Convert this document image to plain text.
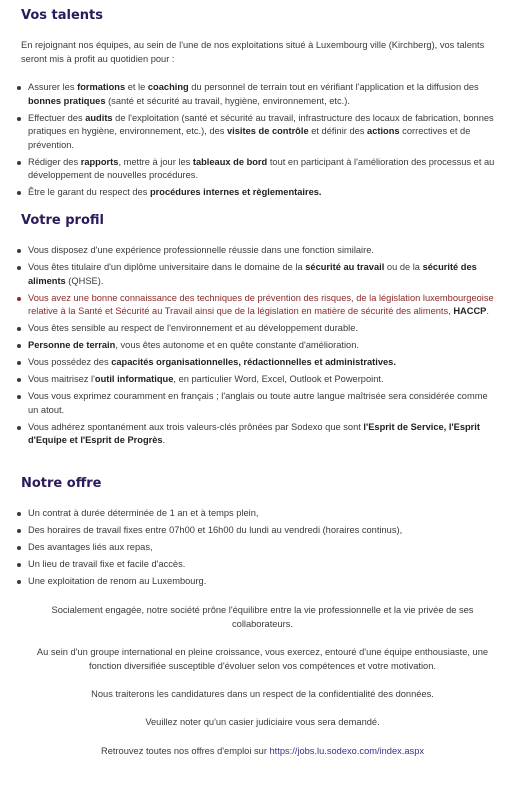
Vos talents

En rejoignant nos équipes, au sein de l'une de nos exploitations situé à Luxembourg ville (Kirchberg), vos talents seront mis à profit au quotidien pour :

Assurer les formations et le coaching du personnel de terrain tout en vérifiant l'application et la diffusion des bonnes pratiques (santé et sécurité au travail, hygiène, environnement, etc.).
Effectuer des audits de l'exploitation (santé et sécurité au travail, infrastructure des locaux de fabrication, bonnes pratiques en hygiène, environnement, etc.), des visites de contrôle et définir des actions correctives et de prévention.
Rédiger des rapports, mettre à jour les tableaux de bord tout en participant à l'amélioration des processus et au développement de nouvelles procédures.
Être le garant du respect des procédures internes et règlementaires.
Votre profil
Vous disposez d'une expérience professionnelle réussie dans une fonction similaire.
Vous êtes titulaire d'un diplôme universitaire dans le domaine de la sécurité au travail ou de la sécurité des aliments (QHSE).
Vous avez une bonne connaissance des techniques de prévention des risques, de la législation luxembourgeoise relative à la Santé et Sécurité au Travail ainsi que de la législation en matière de sécurité des aliments, HACCP.
Vous êtes sensible au respect de l'environnement et au développement durable.
Personne de terrain, vous êtes autonome et en quête constante d'amélioration.
Vous possédez des capacités organisationnelles, rédactionnelles et administratives.
Vous maitrisez l'outil informatique, en particulier Word, Excel, Outlook et Powerpoint.
Vous vous exprimez couramment en français ; l'anglais ou toute autre langue maîtrisée sera considérée comme un atout.
Vous adhérez spontanément aux trois valeurs-clés prônées par Sodexo que sont l'Esprit de Service, l'Esprit d'Equipe et l'Esprit de Progrès.
Notre offre
Un contrat à durée déterminée de 1 an et à temps plein,
Des horaires de travail fixes entre 07h00 et 16h00 du lundi au vendredi (horaires continus),
Des avantages liés aux repas,
Un lieu de travail fixe et facile d'accès.
Une exploitation de renom au Luxembourg.

Socialement engagée, notre société prône l'équilibre entre la vie professionnelle et la vie privée de ses collaborateurs.

Au sein d'un groupe international en pleine croissance, vous exercez, entouré d'une équipe enthousiaste, une fonction diversifiée susceptible d'évoluer selon vos compétences et votre motivation.

Nous traiterons les candidatures dans un respect de la confidentialité des données.

Veuillez noter qu'un casier judiciaire vous sera demandé.

Retrouvez toutes nos offres d'emploi sur https://jobs.lu.sodexo.com/index.aspx
